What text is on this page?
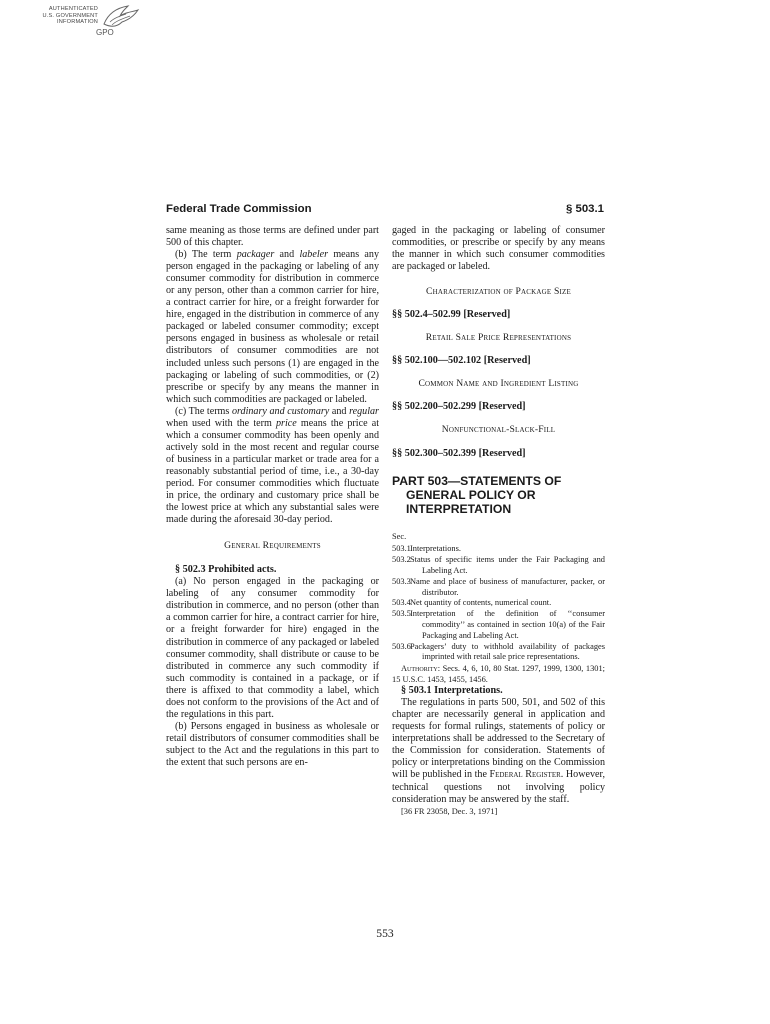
AUTHENTICATED
U.S. GOVERNMENT
INFORMATION
GPO
Federal Trade Commission	§ 503.1

same meaning as those terms are defined under part 500 of this chapter.

(b) The term packager and labeler means any person engaged in the packaging or labeling of any consumer commodity for distribution in commerce or any person, other than a common carrier for hire, a contract carrier for hire, or a freight forwarder for hire, engaged in the distribution in commerce of any packaged or labeled consumer commodity; except persons engaged in business as wholesale or retail distributors of consumer commodities are not included unless such persons (1) are engaged in the packaging or labeling of such commodities, or (2) prescribe or specify by any means the manner in which such commodities are packaged or labeled.

(c) The terms ordinary and customary and regular when used with the term price means the price at which a consumer commodity has been openly and actively sold in the most recent and regular course of business in a particular market or trade area for a reasonably substantial period of time, i.e., a 30-day period. For consumer commodities which fluctuate in price, the ordinary and customary price shall be the lowest price at which any substantial sales were made during the aforesaid 30-day period.

General Requirements

§ 502.3 Prohibited acts.

(a) No person engaged in the packaging or labeling of any consumer commodity for distribution in commerce, and no person (other than a common carrier for hire, a contract carrier for hire, or a freight forwarder for hire) engaged in the distribution in commerce of any packaged or labeled consumer commodity, shall distribute or cause to be distributed in commerce any such commodity if such commodity is contained in a package, or if there is affixed to that commodity a label, which does not conform to the provisions of the Act and of the regulations in this part.

(b) Persons engaged in business as wholesale or retail distributors of consumer commodities shall be subject to the Act and the regulations in this part to the extent that such persons are en-

gaged in the packaging or labeling of consumer commodities, or prescribe or specify by any means the manner in which such consumer commodities are packaged or labeled.

Characterization of Package Size

§§ 502.4–502.99 [Reserved]

Retail Sale Price Representations

§§ 502.100—502.102 [Reserved]

Common Name and Ingredient Listing

§§ 502.200–502.299 [Reserved]

Nonfunctional-Slack-Fill

§§ 502.300–502.399 [Reserved]

PART 503—STATEMENTS OF GENERAL POLICY OR INTERPRETATION
Sec.
503.1 Interpretations.
503.2 Status of specific items under the Fair Packaging and Labeling Act.
503.3 Name and place of business of manufacturer, packer, or distributor.
503.4 Net quantity of contents, numerical count.
503.5 Interpretation of the definition of ‘‘consumer commodity’’ as contained in section 10(a) of the Fair Packaging and Labeling Act.
503.6 Packagers’ duty to withhold availability of packages imprinted with retail sale price representations.

Authority: Secs. 4, 6, 10, 80 Stat. 1297, 1999, 1300, 1301; 15 U.S.C. 1453, 1455, 1456.

§ 503.1 Interpretations.

The regulations in parts 500, 501, and 502 of this chapter are necessarily general in application and requests for formal rulings, statements of policy or interpretations shall be addressed to the Secretary of the Commission for consideration. Statements of policy or interpretations binding on the Commission will be published in the Federal Register. However, technical questions not involving policy consideration may be answered by the staff.

[36 FR 23058, Dec. 3, 1971]

553
